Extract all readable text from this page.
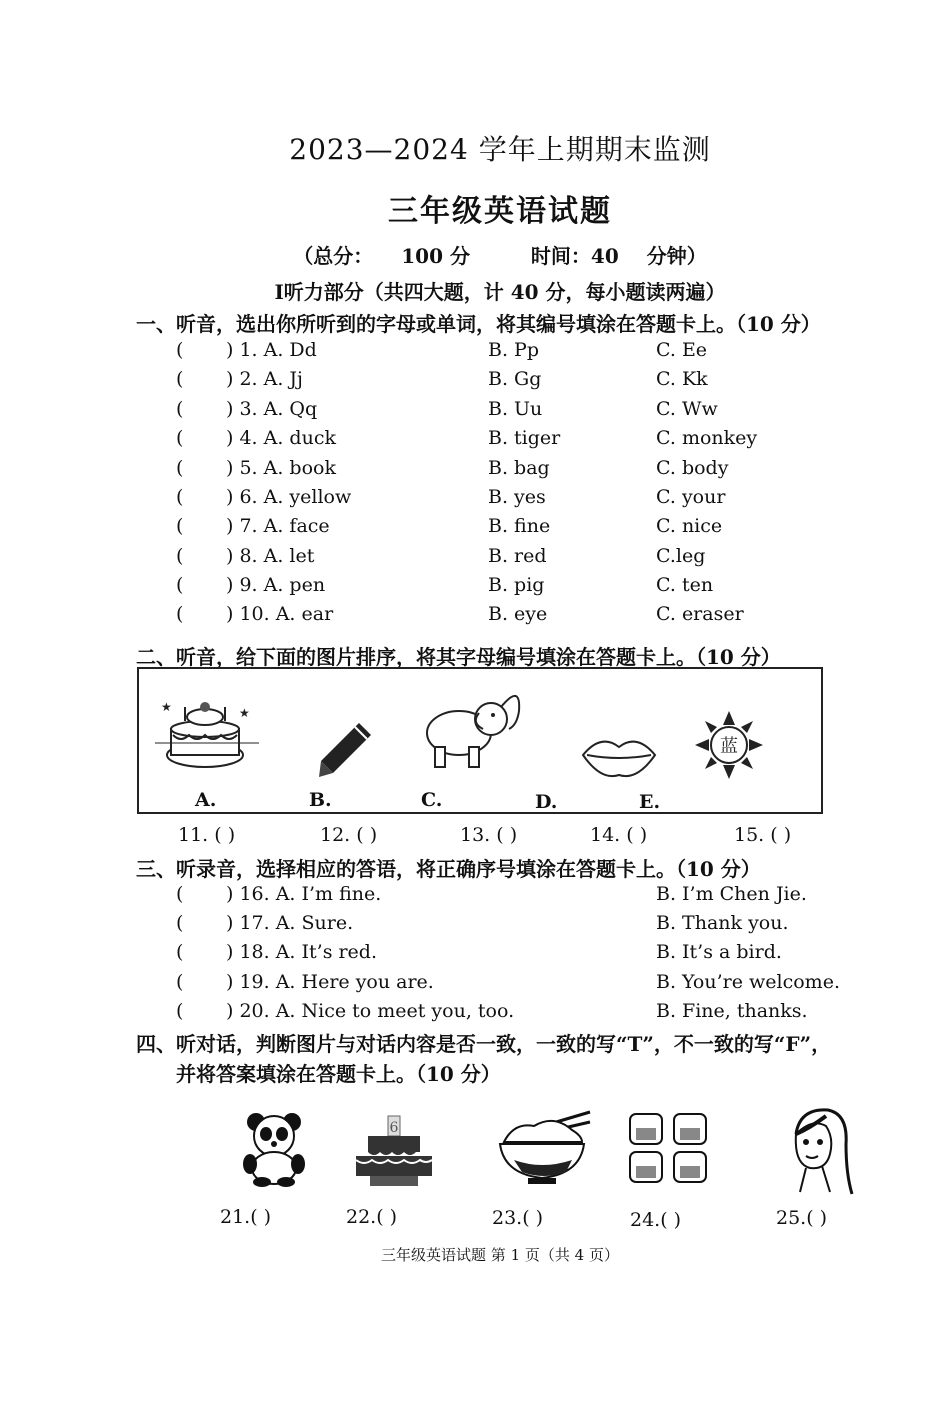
2023—2024 学年上期期末监测
三年级英语试题
（总分： 100 分	时间：40 分钟）
I听力部分（共四大题，计 40 分，每小题读两遍）
一、听音，选出你所听到的字母或单词，将其编号填涂在答题卡上。（10 分）
( ) 1. A. Dd	B. Pp	C. Ee
( ) 2. A. Jj	B. Gg	C. Kk
( ) 3. A. Qq	B. Uu	C. Ww
( ) 4. A. duck	B. tiger	C. monkey
( ) 5. A. book	B. bag	C. body
( ) 6. A. yellow	B. yes	C. your
( ) 7. A. face	B. fine	C. nice
( ) 8. A. let	B. red	C.leg
( ) 9. A. pen	B. pig	C. ten
( ) 10. A. ear	B. eye	C. eraser
二、听音，给下面的图片排序，将其字母编号填涂在答题卡上。（10 分）
★
★
A.	B.	C.	D.
蓝
E.
11. ( )	12. ( )	13. ( )	14. ( )	15. ( )
三、听录音，选择相应的答语，将正确序号填涂在答题卡上。（10 分）
( ) 16. A. I’m fine.	B. I’m Chen Jie.
( ) 17. A. Sure.	B. Thank you.
( ) 18. A. It’s red.	B. It’s a bird.
( ) 19. A. Here you are.	B. You’re welcome.
( ) 20. A. Nice to meet you, too.	B. Fine, thanks.
四、听对话，判断图片与对话内容是否一致，一致的写“T”，不一致的写“F”，
并将答案填涂在答题卡上。（10 分）
6
21.( )	22.( )	23.( )	24.( )	25.( )
三年级英语试题 第 1 页（共 4 页）
